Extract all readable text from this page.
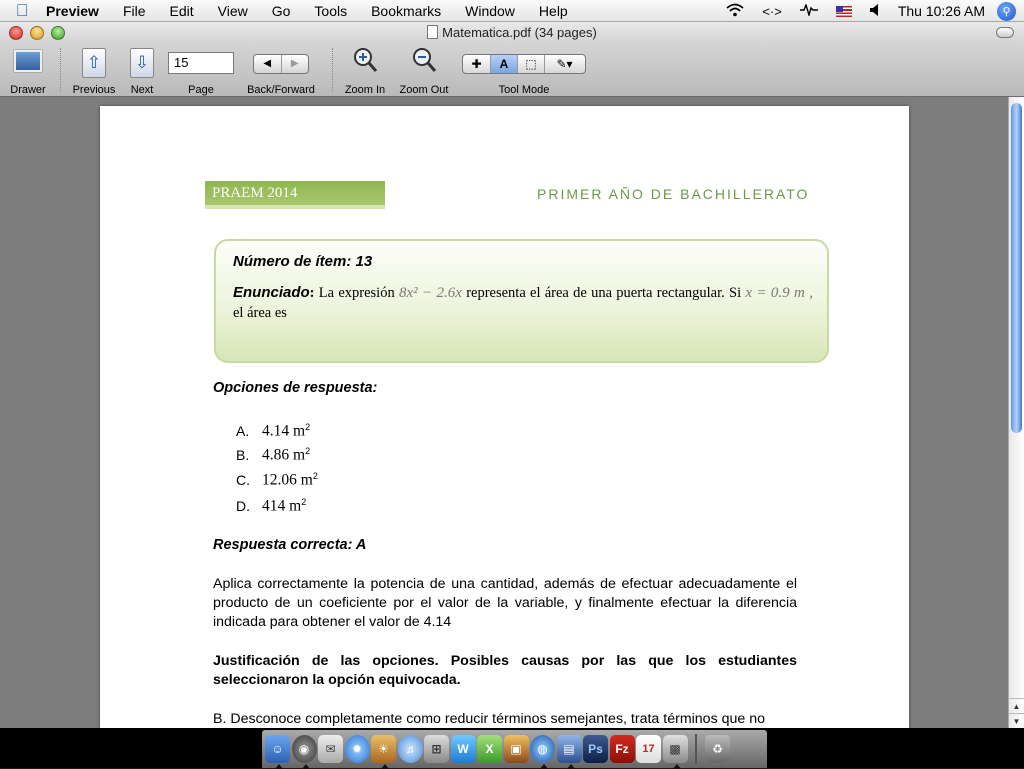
Preview	File	Edit	View	Go	Tools	Bookmarks	Window	Help	<·>	Thu 10:26 AM	⚲
Matematica.pdf (34 pages)
Drawer
⇧
Previous
⇩
Next
15
Page
◀	▶
Back/Forward	Zoom In	Zoom Out
✚	A	⬚	✎▾
Tool Mode
PRAEM 2014	PRIMER AÑO DE BACHILLERATO
Número de ítem: 13
Enunciado: La expresión 8x² − 2.6x representa el área de una puerta rectangular. Si x = 0.9 m , el área es
Opciones de respuesta:
A. 4.14 $m^2$
B. 4.86 $m^2$
C. 12.06 $m^2$
D. 414 $m^2$
Respuesta correcta: A
Aplica correctamente la potencia de una cantidad, además de efectuar adecuadamente el producto de un coeficiente por el valor de la variable, y finalmente efectuar la diferencia indicada para obtener el valor de 4.14
Justificación de las opciones. Posibles causas por las que los estudiantes seleccionaron la opción equivocada.
B. Desconoce completamente como reducir términos semejantes, trata términos que no
▲
▼
☺	◉	✉	✹	☀	♫	⊞	W	X	▣	◍	▤	Ps	Fz	17	▩	♻
